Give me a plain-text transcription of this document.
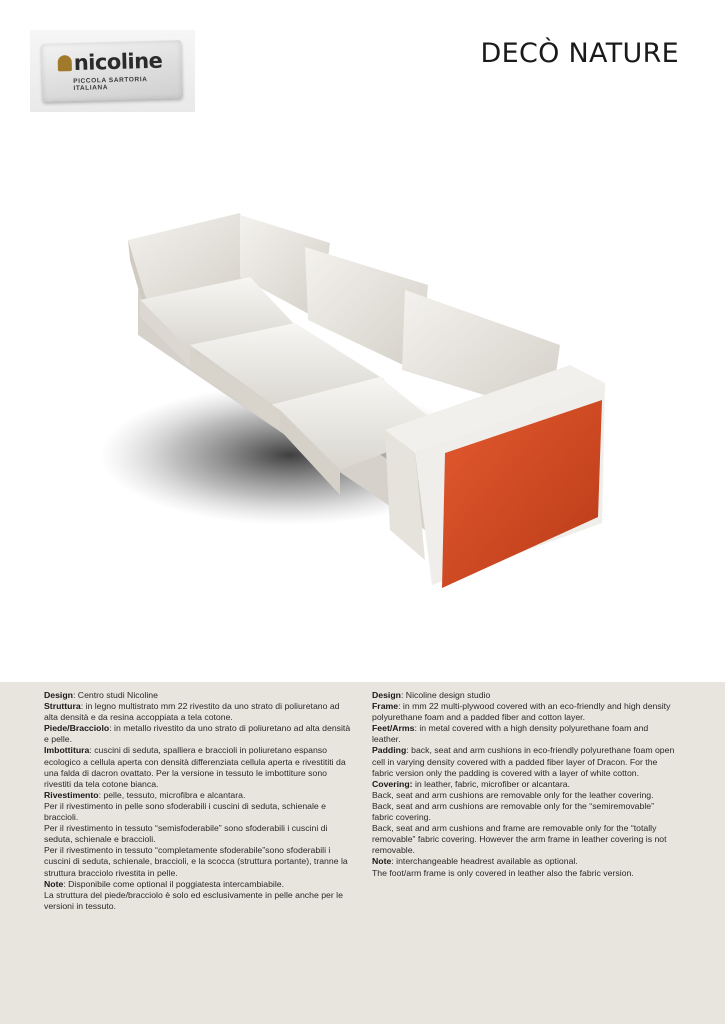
nicoline
PICCOLA SARTORIA ITALIANA
DECÒ NATURE

Design: Centro studi Nicoline

Struttura: in legno multistrato mm 22 rivestito da uno strato di poliuretano ad alta densità e da resina accoppiata a tela cotone.

Piede/Bracciolo: in metallo rivestito da uno strato di poliuretano ad alta densità e pelle.

Imbottitura: cuscini di seduta, spalliera e braccioli in poliuretano espanso ecologico a cellula aperta con densità differenziata cellula aperta e rivestititi da una falda di dacron ovattato. Per la versione in tessuto le imbottiture sono rivestiti da tela cotone bianca.

Rivestimento: pelle, tessuto, microfibra e alcantara.

Per il rivestimento in pelle sono sfoderabili i cuscini di seduta, schienale e braccioli.

Per il rivestimento in tessuto “semisfoderabile” sono sfoderabili i cuscini di seduta, schienale e braccioli.

Per il rivestimento in tessuto “completamente sfoderabile”sono sfoderabili i cuscini di seduta, schienale, braccioli, e la scocca (struttura portante), tranne la struttura bracciolo rivestita in pelle.

Note: Disponibile come optional il poggiatesta intercambiabile.

La struttura del piede/bracciolo è solo ed esclusivamente in pelle anche per le versioni in tessuto.

Design: Nicoline design studio

Frame: in mm 22 multi-plywood covered with an eco-friendly and high density polyurethane foam and a padded fiber and cotton layer.

Feet/Arms: in metal covered with a high density polyurethane foam and leather.

Padding: back, seat and arm cushions in eco-friendly polyurethane foam open cell in varying density covered with a padded fiber layer of Dracon. For the fabric version only the padding is covered with a layer of white cotton.

Covering: in leather, fabric, microfiber or alcantara.

Back, seat and arm cushions are removable only for the leather covering.

Back, seat and arm cushions are removable only for the “semiremovable” fabric covering.

Back, seat and arm cushions and frame are removable only for the “totally removable” fabric covering. However the arm frame in leather covering is not removable.

Note: interchangeable headrest available as optional.

The foot/arm frame is only covered in leather also the fabric version.
